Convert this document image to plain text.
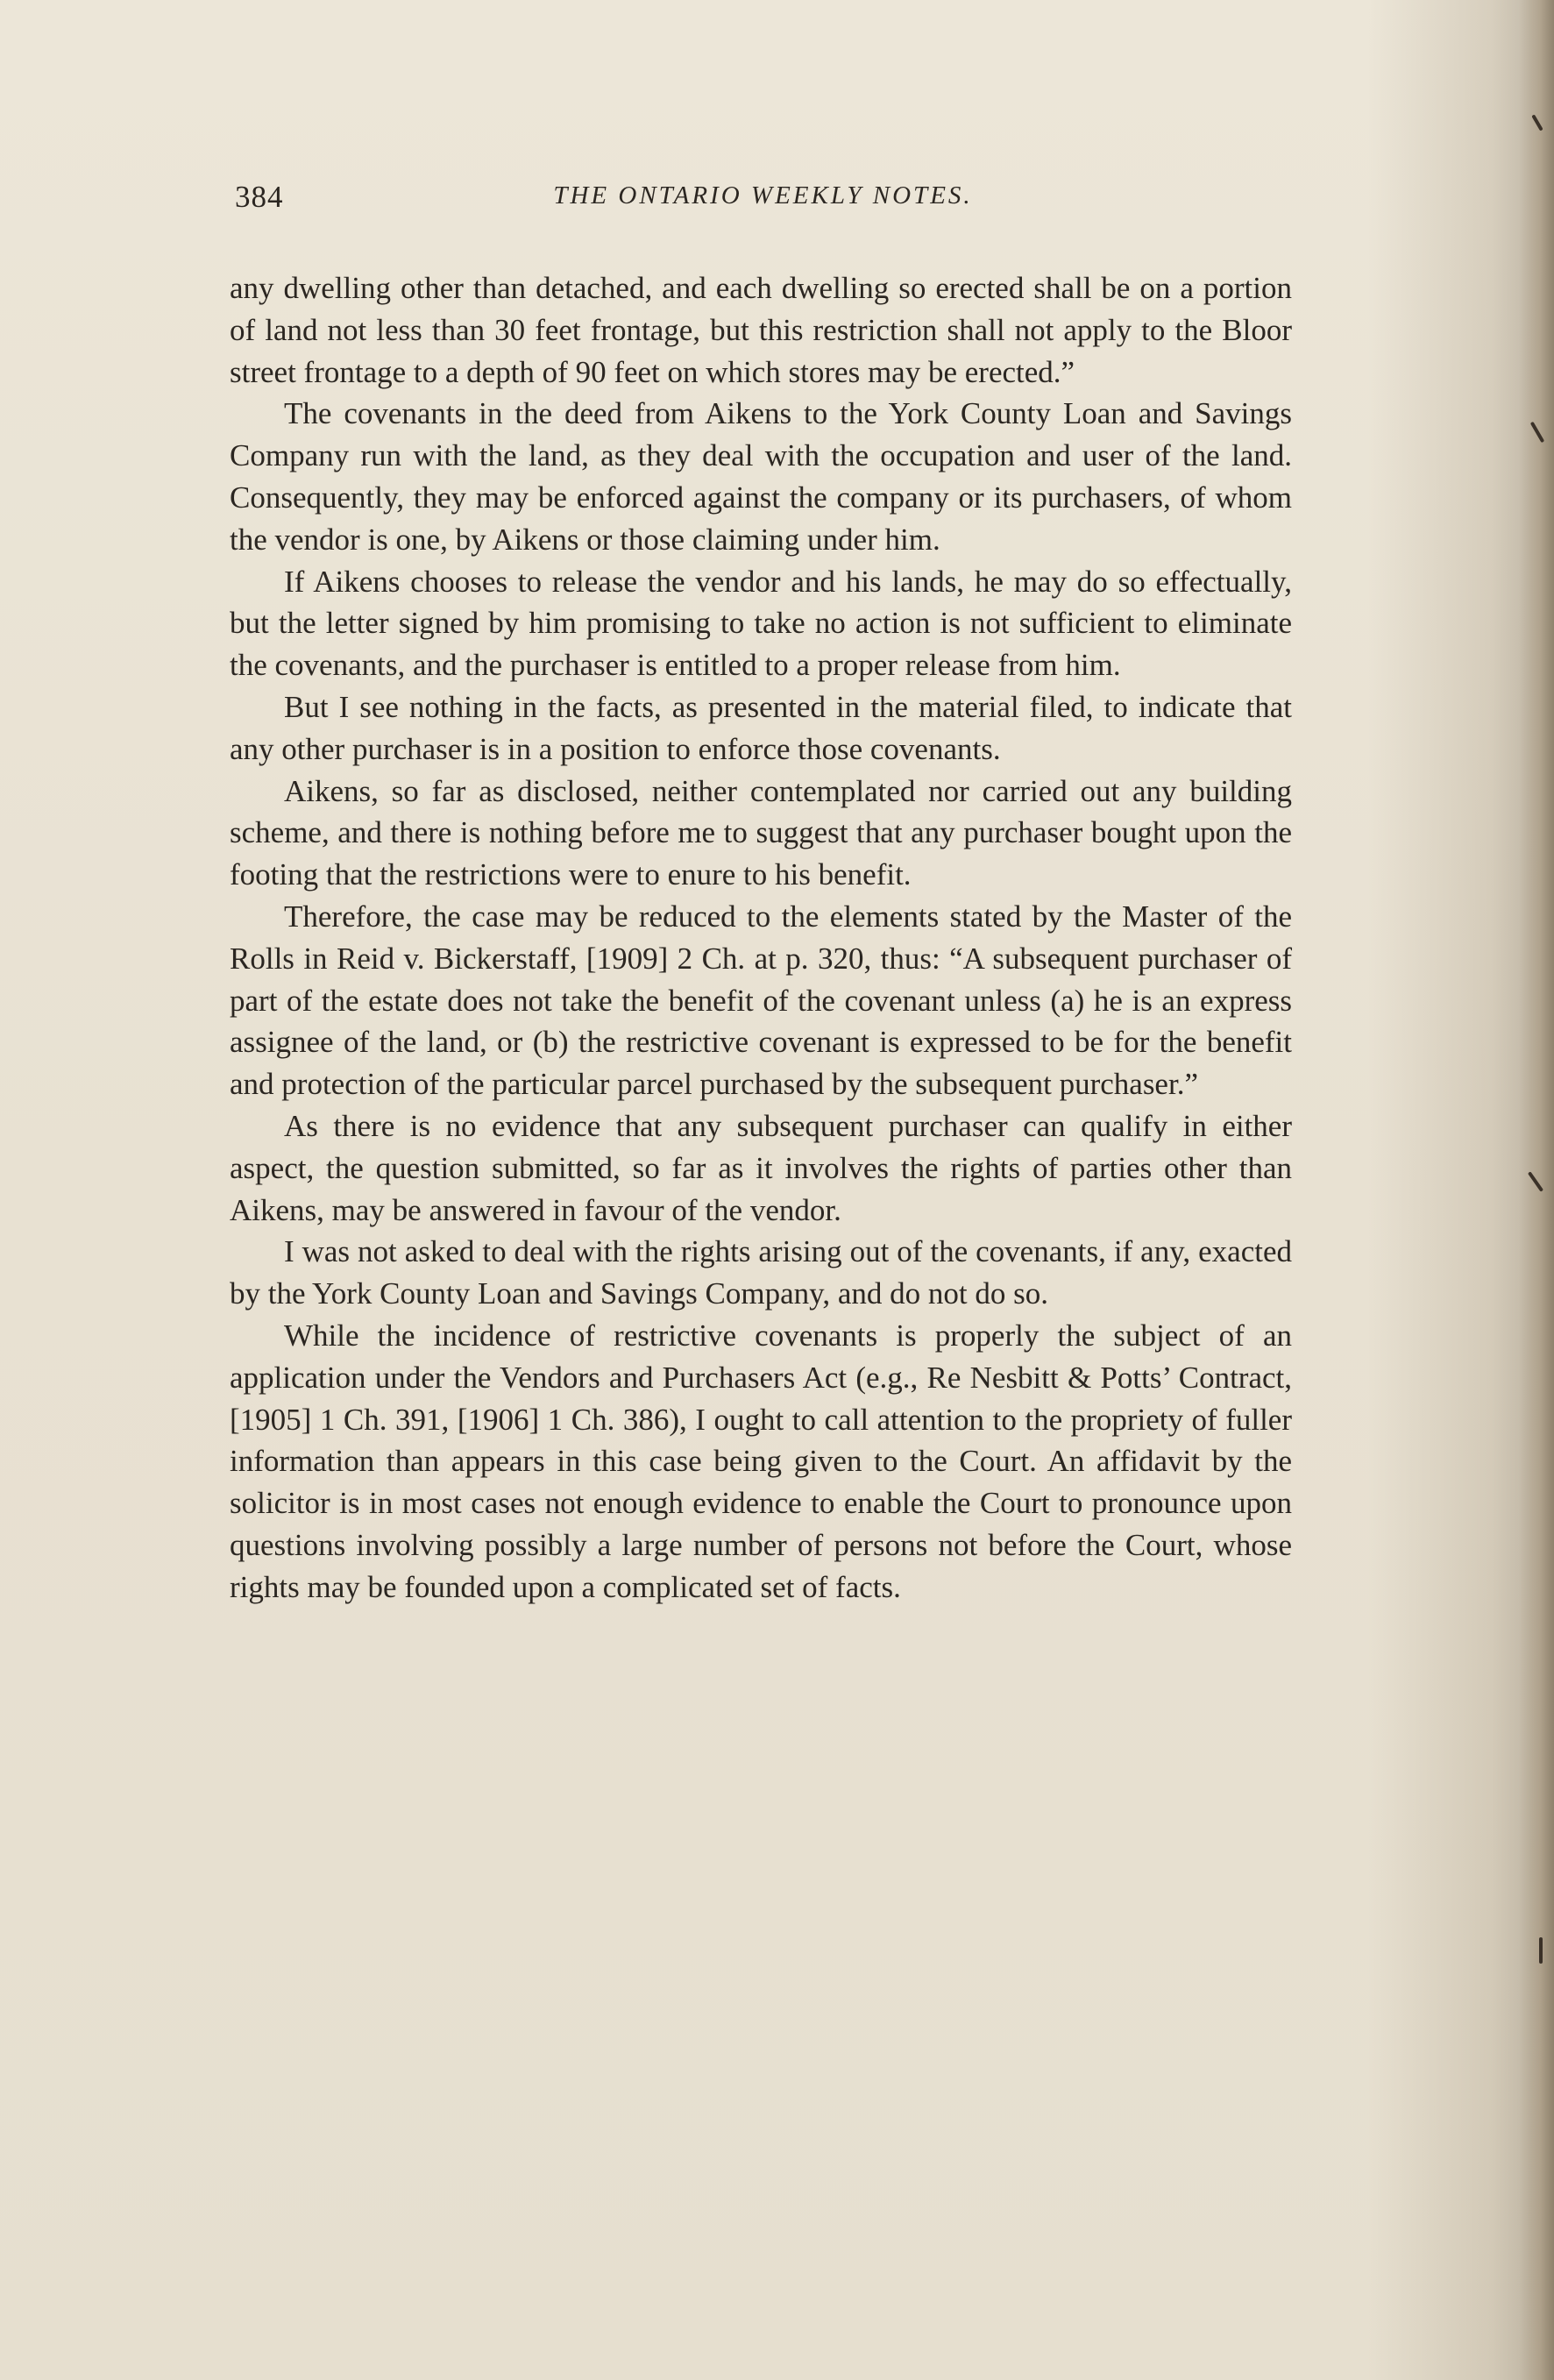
384	THE ONTARIO WEEKLY NOTES.

any dwelling other than detached, and each dwelling so erected shall be on a portion of land not less than 30 feet frontage, but this restriction shall not apply to the Bloor street frontage to a depth of 90 feet on which stores may be erected.”

The covenants in the deed from Aikens to the York County Loan and Savings Company run with the land, as they deal with the occupation and user of the land. Consequently, they may be enforced against the company or its purchasers, of whom the vendor is one, by Aikens or those claiming under him.

If Aikens chooses to release the vendor and his lands, he may do so effectually, but the letter signed by him promising to take no action is not sufficient to eliminate the covenants, and the purchaser is entitled to a proper release from him.

But I see nothing in the facts, as presented in the material filed, to indicate that any other purchaser is in a position to enforce those covenants.

Aikens, so far as disclosed, neither contemplated nor carried out any building scheme, and there is nothing before me to suggest that any purchaser bought upon the footing that the restrictions were to enure to his benefit.

Therefore, the case may be reduced to the elements stated by the Master of the Rolls in Reid v. Bickerstaff, [1909] 2 Ch. at p. 320, thus: “A subsequent purchaser of part of the estate does not take the benefit of the covenant unless (a) he is an express assignee of the land, or (b) the restrictive covenant is expressed to be for the benefit and protection of the particular parcel purchased by the subsequent purchaser.”

As there is no evidence that any subsequent purchaser can qualify in either aspect, the question submitted, so far as it involves the rights of parties other than Aikens, may be answered in favour of the vendor.

I was not asked to deal with the rights arising out of the covenants, if any, exacted by the York County Loan and Savings Company, and do not do so.

While the incidence of restrictive covenants is properly the subject of an application under the Vendors and Purchasers Act (e.g., Re Nesbitt & Potts’ Contract, [1905] 1 Ch. 391, [1906] 1 Ch. 386), I ought to call attention to the propriety of fuller information than appears in this case being given to the Court. An affidavit by the solicitor is in most cases not enough evidence to enable the Court to pronounce upon questions involving possibly a large number of persons not before the Court, whose rights may be founded upon a complicated set of facts.
